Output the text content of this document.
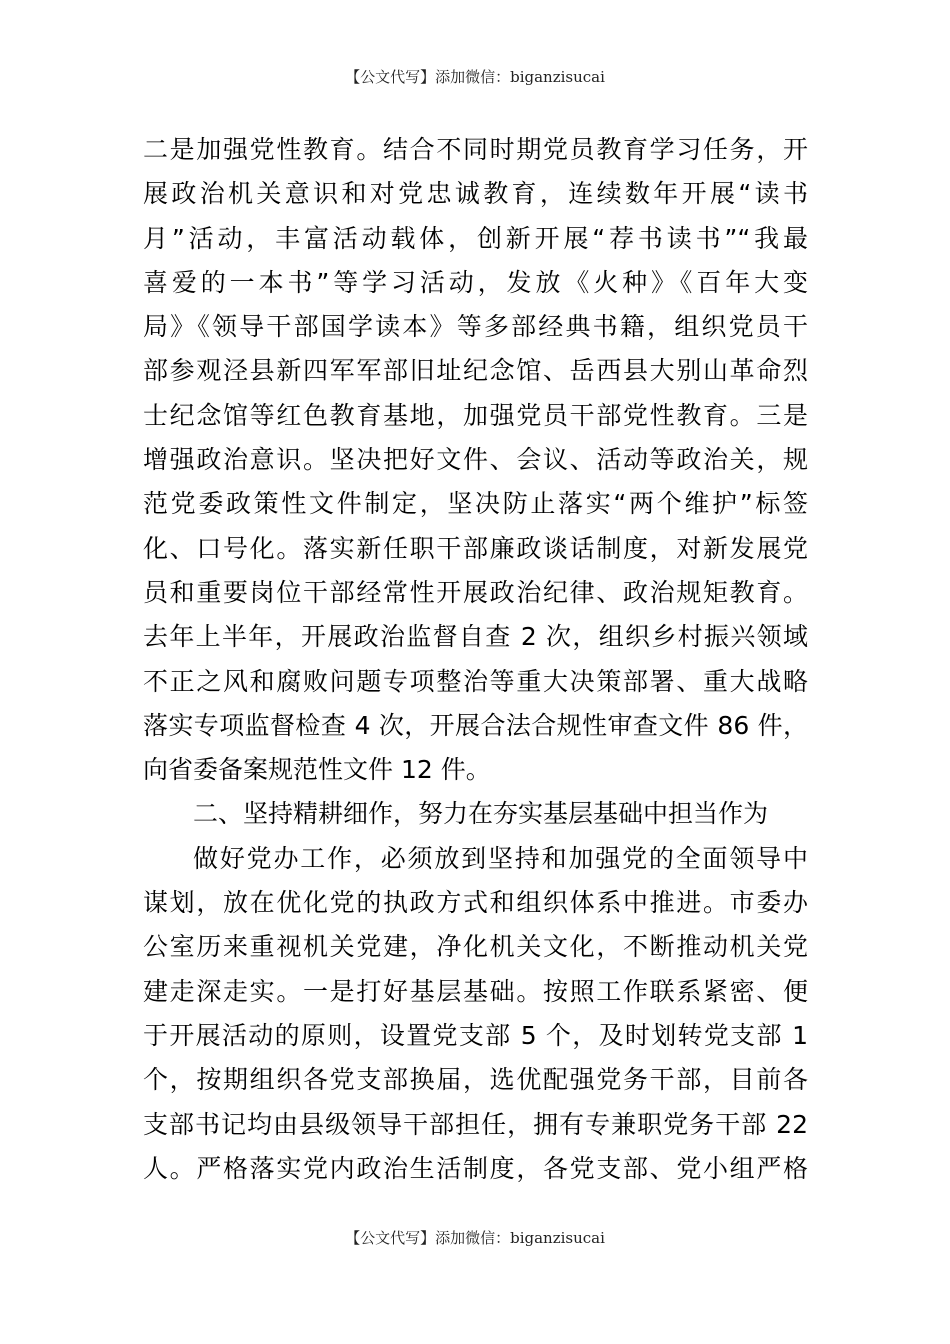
【公文代写】添加微信：biganzisucai
二是加强党性教育。结合不同时期党员教育学习任务，开
展政治机关意识和对党忠诚教育，连续数年开展“读书
月”活动，丰富活动载体，创新开展“荐书读书”“我最
喜爱的一本书”等学习活动，发放《火种》《百年大变
局》《领导干部国学读本》等多部经典书籍，组织党员干
部参观泾县新四军军部旧址纪念馆、岳西县大别山革命烈
士纪念馆等红色教育基地，加强党员干部党性教育。三是
增强政治意识。坚决把好文件、会议、活动等政治关，规
范党委政策性文件制定，坚决防止落实“两个维护”标签
化、口号化。落实新任职干部廉政谈话制度，对新发展党
员和重要岗位干部经常性开展政治纪律、政治规矩教育。
去年上半年，开展政治监督自查 2 次，组织乡村振兴领域
不正之风和腐败问题专项整治等重大决策部署、重大战略
落实专项监督检查 4 次，开展合法合规性审查文件 86 件，
向省委备案规范性文件 12 件。
二、坚持精耕细作，努力在夯实基层基础中担当作为
做好党办工作，必须放到坚持和加强党的全面领导中
谋划，放在优化党的执政方式和组织体系中推进。市委办
公室历来重视机关党建，净化机关文化，不断推动机关党
建走深走实。一是打好基层基础。按照工作联系紧密、便
于开展活动的原则，设置党支部 5 个，及时划转党支部 1
个，按期组织各党支部换届，选优配强党务干部，目前各
支部书记均由县级领导干部担任，拥有专兼职党务干部 22
人。严格落实党内政治生活制度，各党支部、党小组严格
【公文代写】添加微信：biganzisucai
